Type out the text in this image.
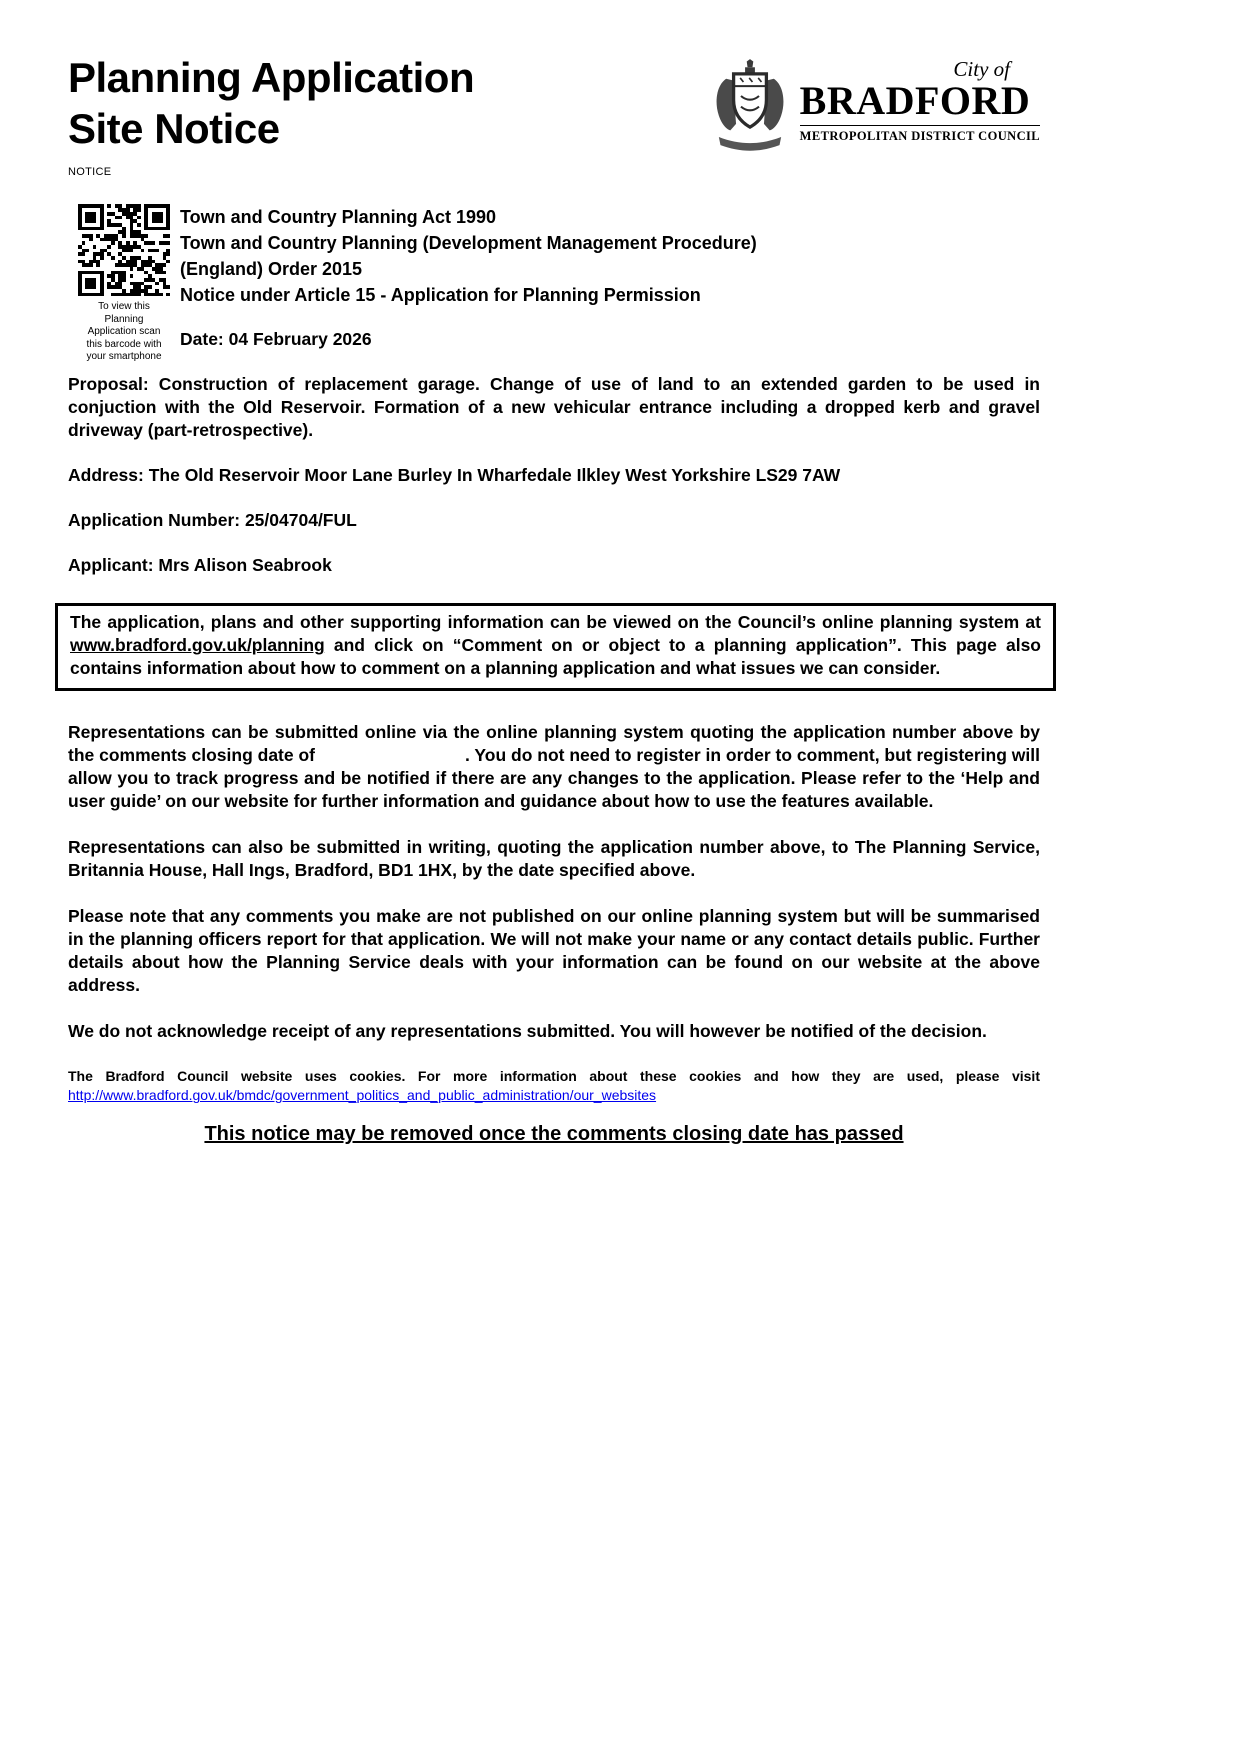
Planning Application
Site Notice
NOTICE
City of
BRADFORD
METROPOLITAN DISTRICT COUNCIL
To view this Planning Application scan this barcode with your smartphone

Town and Country Planning Act 1990

Town and Country Planning (Development Management Procedure) (England) Order 2015

Notice under Article 15 - Application for Planning Permission

Date: 04 February 2026

Proposal: Construction of replacement garage. Change of use of land to an extended garden to be used in conjuction with the Old Reservoir. Formation of a new vehicular entrance including a dropped kerb and gravel driveway (part-retrospective).

Address: The Old Reservoir Moor Lane Burley In Wharfedale Ilkley West Yorkshire LS29 7AW

Application Number: 25/04704/FUL

Applicant: Mrs Alison Seabrook

The application, plans and other supporting information can be viewed on the Council’s online planning system at www.bradford.gov.uk/planning and click on “Comment on or object to a planning application”. This page also contains information about how to comment on a planning application and what issues we can consider.

Representations can be submitted online via the online planning system quoting the application number above by the comments closing date of	. You do not need to register in order to comment, but registering will allow you to track progress and be notified if there are any changes to the application. Please refer to the ‘Help and user guide’ on our website for further information and guidance about how to use the features available.

Representations can also be submitted in writing, quoting the application number above, to The Planning Service, Britannia House, Hall Ings, Bradford, BD1 1HX, by the date specified above.

Please note that any comments you make are not published on our online planning system but will be summarised in the planning officers report for that application. We will not make your name or any contact details public. Further details about how the Planning Service deals with your information can be found on our website at the above address.

We do not acknowledge receipt of any representations submitted. You will however be notified of the decision.

The Bradford Council website uses cookies. For more information about these cookies and how they are used, please visit http://www.bradford.gov.uk/bmdc/government_politics_and_public_administration/our_websites

This notice may be removed once the comments closing date has passed
